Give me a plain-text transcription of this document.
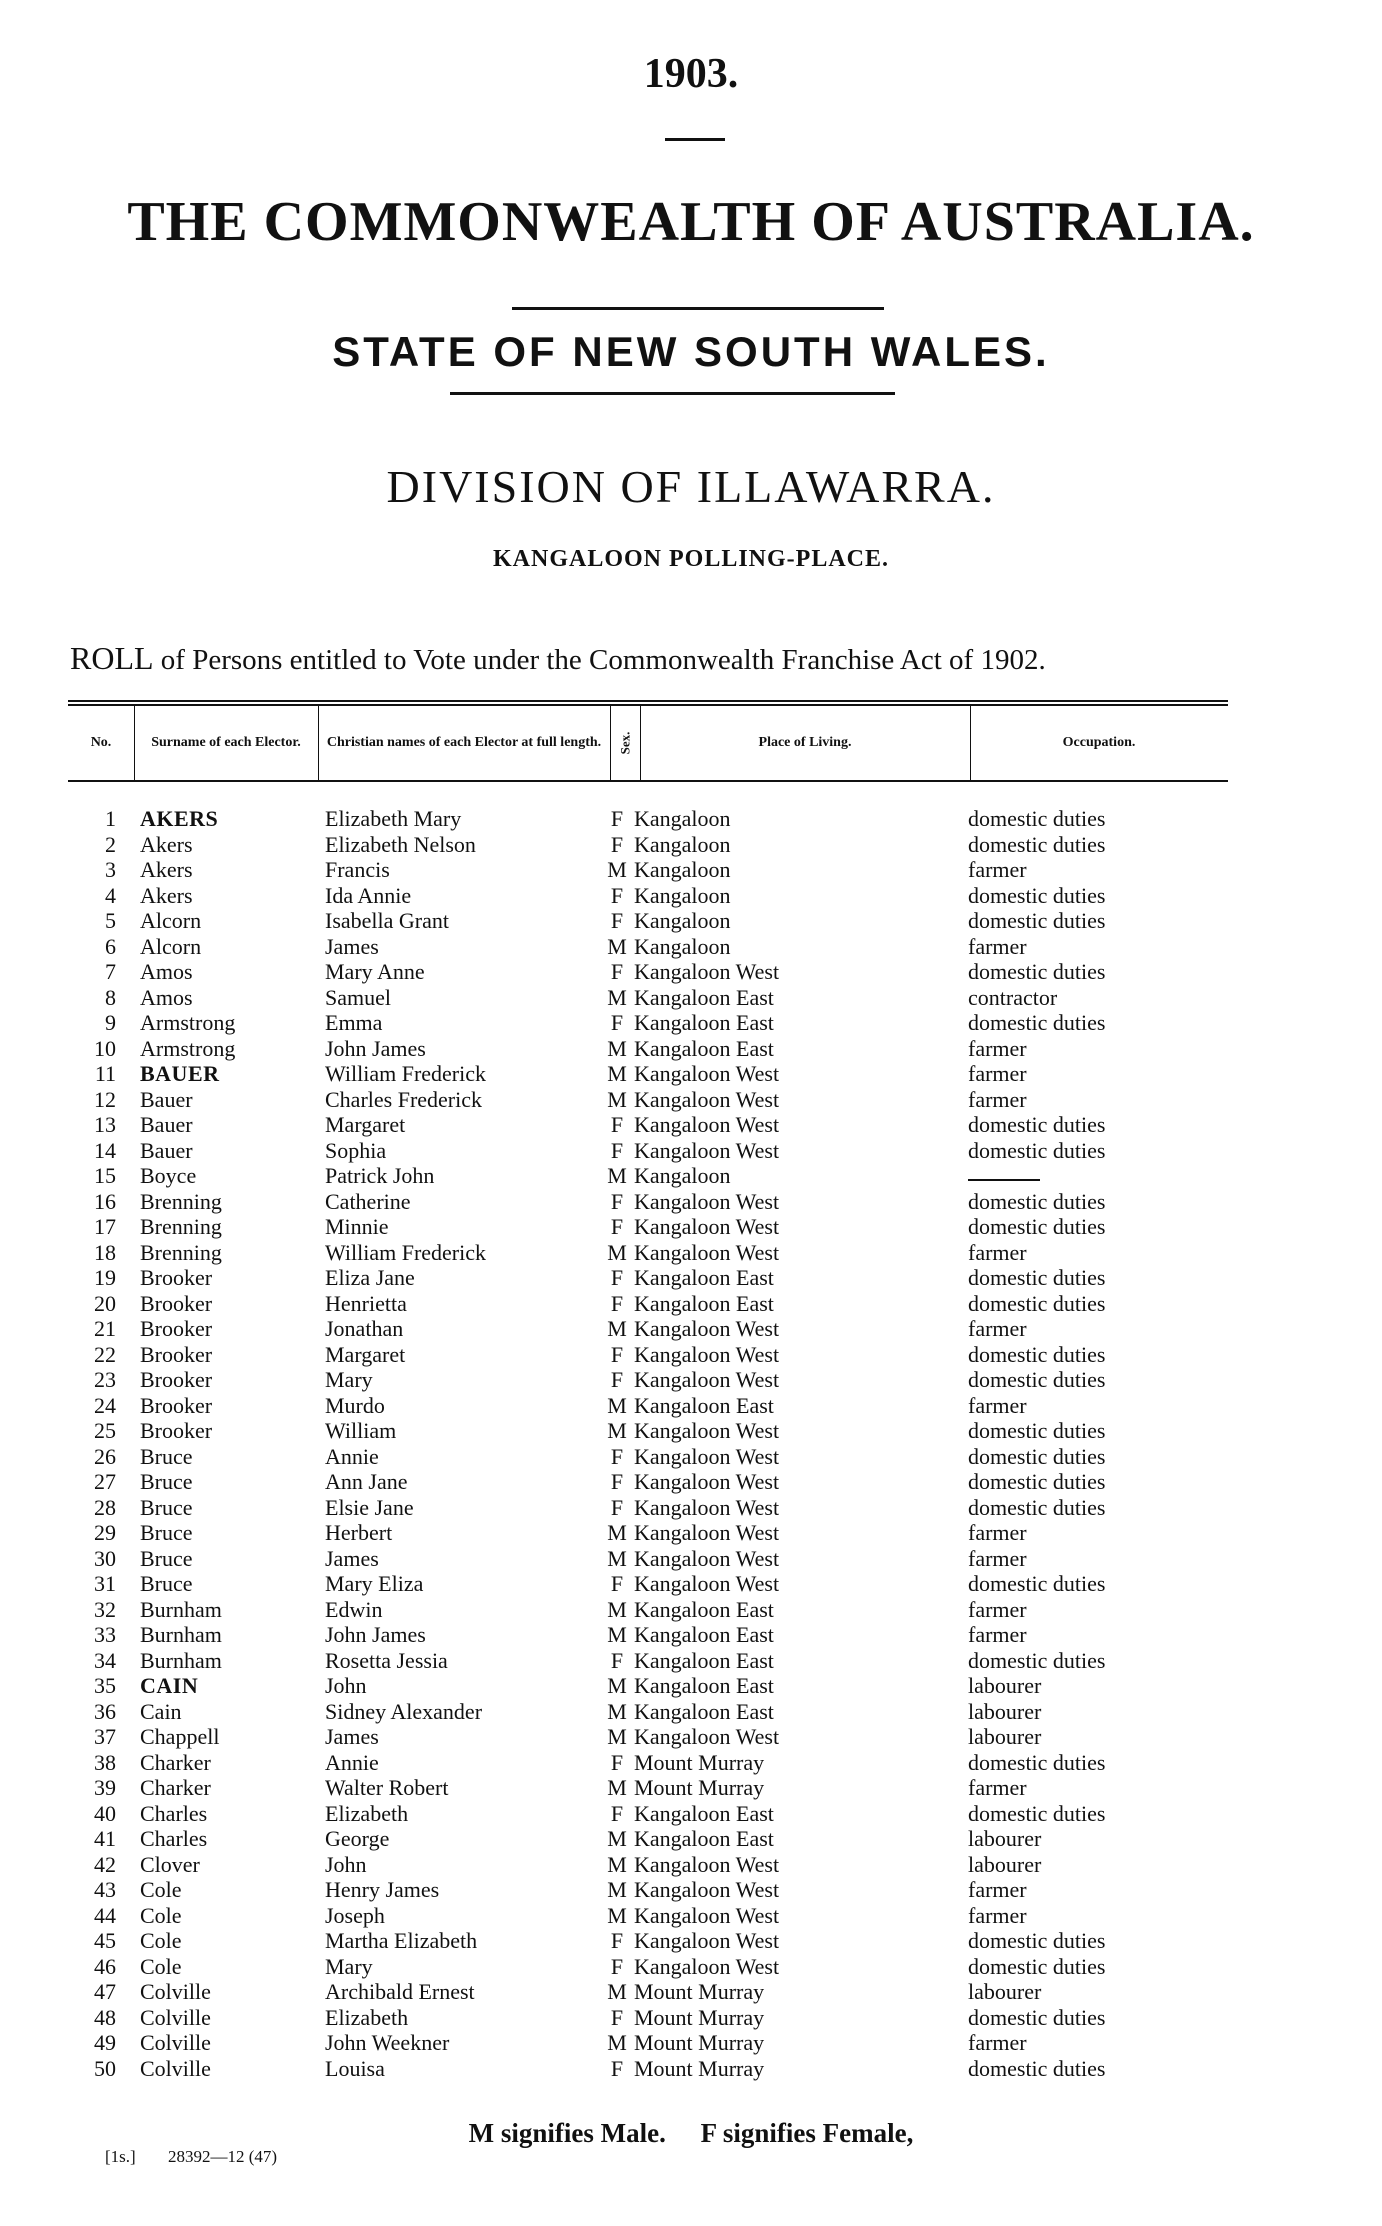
1903.
THE COMMONWEALTH OF AUSTRALIA.
STATE OF NEW SOUTH WALES.
DIVISION OF ILLAWARRA.
KANGALOON POLLING-PLACE.
ROLL of Persons entitled to Vote under the Commonwealth Franchise Act of 1902.
No.	Surname of each Elector.	Christian names of each Elector at full length.	Sex.	Place of Living.	Occupation.
1 AKERS	Elizabeth Mary	F Kangaloon	domestic duties
2 Akers	Elizabeth Nelson	F Kangaloon	domestic duties
3 Akers	Francis	M Kangaloon	farmer
4 Akers	Ida Annie	F Kangaloon	domestic duties
5 Alcorn	Isabella Grant	F Kangaloon	domestic duties
6 Alcorn	James	M Kangaloon	farmer
7 Amos	Mary Anne	F Kangaloon West	domestic duties
8 Amos	Samuel	M Kangaloon East	contractor
9 Armstrong	Emma	F Kangaloon East	domestic duties
10 Armstrong	John James	M Kangaloon East	farmer
11 BAUER	William Frederick	M Kangaloon West	farmer
12 Bauer	Charles Frederick	M Kangaloon West	farmer
13 Bauer	Margaret	F Kangaloon West	domestic duties
14 Bauer	Sophia	F Kangaloon West	domestic duties
15 Boyce	Patrick John	M Kangaloon
16 Brenning	Catherine	F Kangaloon West	domestic duties
17 Brenning	Minnie	F Kangaloon West	domestic duties
18 Brenning	William Frederick	M Kangaloon West	farmer
19 Brooker	Eliza Jane	F Kangaloon East	domestic duties
20 Brooker	Henrietta	F Kangaloon East	domestic duties
21 Brooker	Jonathan	M Kangaloon West	farmer
22 Brooker	Margaret	F Kangaloon West	domestic duties
23 Brooker	Mary	F Kangaloon West	domestic duties
24 Brooker	Murdo	M Kangaloon East	farmer
25 Brooker	William	M Kangaloon West	domestic duties
26 Bruce	Annie	F Kangaloon West	domestic duties
27 Bruce	Ann Jane	F Kangaloon West	domestic duties
28 Bruce	Elsie Jane	F Kangaloon West	domestic duties
29 Bruce	Herbert	M Kangaloon West	farmer
30 Bruce	James	M Kangaloon West	farmer
31 Bruce	Mary Eliza	F Kangaloon West	domestic duties
32 Burnham	Edwin	M Kangaloon East	farmer
33 Burnham	John James	M Kangaloon East	farmer
34 Burnham	Rosetta Jessia	F Kangaloon East	domestic duties
35 CAIN	John	M Kangaloon East	labourer
36 Cain	Sidney Alexander	M Kangaloon East	labourer
37 Chappell	James	M Kangaloon West	labourer
38 Charker	Annie	F Mount Murray	domestic duties
39 Charker	Walter Robert	M Mount Murray	farmer
40 Charles	Elizabeth	F Kangaloon East	domestic duties
41 Charles	George	M Kangaloon East	labourer
42 Clover	John	M Kangaloon West	labourer
43 Cole	Henry James	M Kangaloon West	farmer
44 Cole	Joseph	M Kangaloon West	farmer
45 Cole	Martha Elizabeth	F Kangaloon West	domestic duties
46 Cole	Mary	F Kangaloon West	domestic duties
47 Colville	Archibald Ernest	M Mount Murray	labourer
48 Colville	Elizabeth	F Mount Murray	domestic duties
49 Colville	John Weekner	M Mount Murray	farmer
50 Colville	Louisa	F Mount Murray	domestic duties
M signifies Male. F signifies Female,
[1s.] 28392—12 (47)
